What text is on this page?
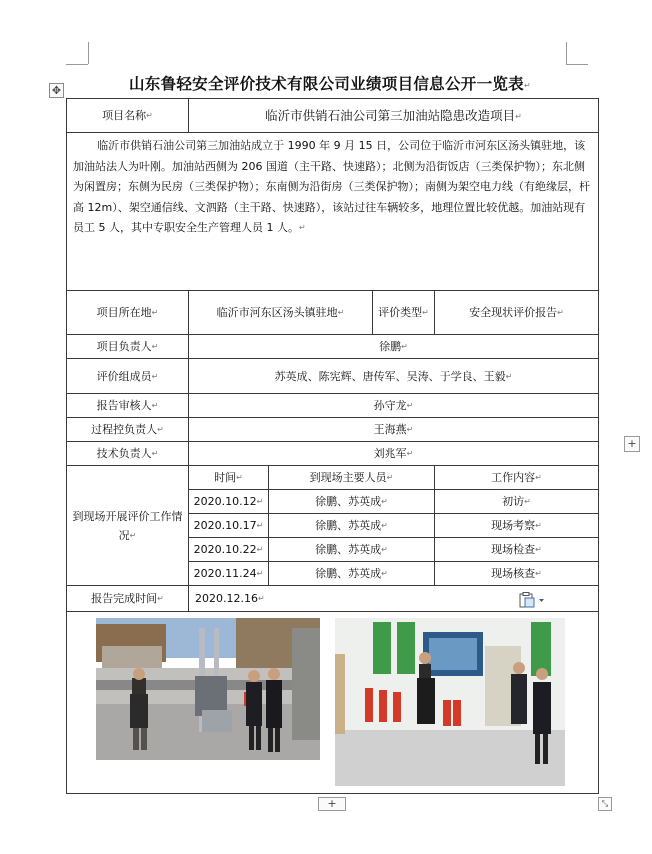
✥	山东鲁轻安全评价技术有限公司业绩项目信息公开一览表↵
项目名称↵	临沂市供销石油公司第三加油站隐患改造项目↵			
临沂市供销石油公司第三加油站成立于 1990 年 9 月 15 日，公司位于临沂市河东区汤头镇驻地，该加油站法人为叶刚。加油站西侧为 206 国道（主干路、快速路）；北侧为沿街饭店（三类保护物）；东北侧为闲置房；东侧为民房（三类保护物）；东南侧为沿街房（三类保护物）；南侧为架空电力线（有绝缘层，杆高 12m）、架空通信线、文泗路（主干路、快速路），该站过往车辆较多，地理位置比较优越。加油站现有员工 5 人，其中专职安全生产管理人员 1 人。↵				
项目所在地↵	临沂市河东区汤头镇驻地↵		评价类型↵	安全现状评价报告↵
项目负责人↵	徐鹏↵			
评价组成员↵	苏英成、陈宪辉、唐传军、吴涛、于学良、王毅↵			
报告审核人↵	孙守龙↵			
过程控负责人↵	王海燕↵			
技术负责人↵	刘兆军↵			
到现场开展评价工作情况↵	时间↵	到现场主要人员↵		工作内容↵
	2020.10.12↵	徐鹏、苏英成↵		初访↵
	2020.10.17↵	徐鹏、苏英成↵		现场考察↵
	2020.10.22↵	徐鹏、苏英成↵		现场检查↵
	2020.11.24↵	徐鹏、苏英成↵		现场核查↵
报告完成时间↵	2020.12.16↵			

+
+	⤡
